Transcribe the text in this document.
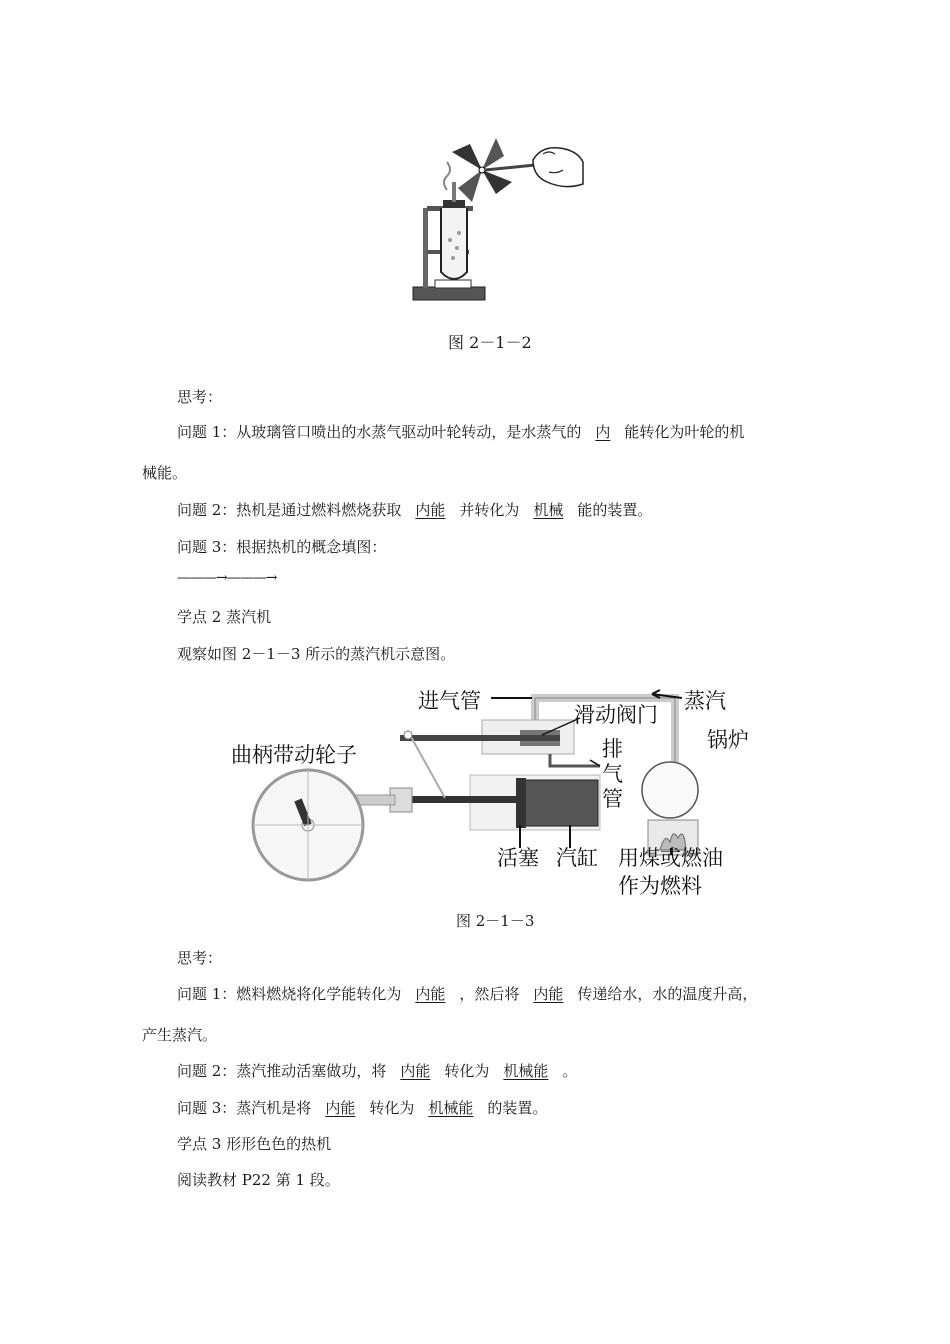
图 2－1－2
思考：
问题 1：从玻璃管口喷出的水蒸气驱动叶轮转动，是水蒸气的 内 能转化为叶轮的机
械能。
问题 2：热机是通过燃料燃烧获取 内能 并转化为 机械 能的装置。
问题 3：根据热机的概念填图：
———→———→
学点 2 蒸汽机
观察如图 2－1－3 所示的蒸汽机示意图。
进气管	蒸汽
滑动阀门
曲柄带动轮子
锅炉
排
气
管
活塞 汽缸 用煤或燃油
作为燃料
图 2－1－3
思考：
问题 1：燃料燃烧将化学能转化为 内能 ，然后将 内能 传递给水，水的温度升高，
产生蒸汽。
问题 2：蒸汽推动活塞做功，将 内能 转化为 机械能 。
问题 3：蒸汽机是将 内能 转化为 机械能 的装置。
学点 3 形形色色的热机
阅读教材 P22 第 1 段。
